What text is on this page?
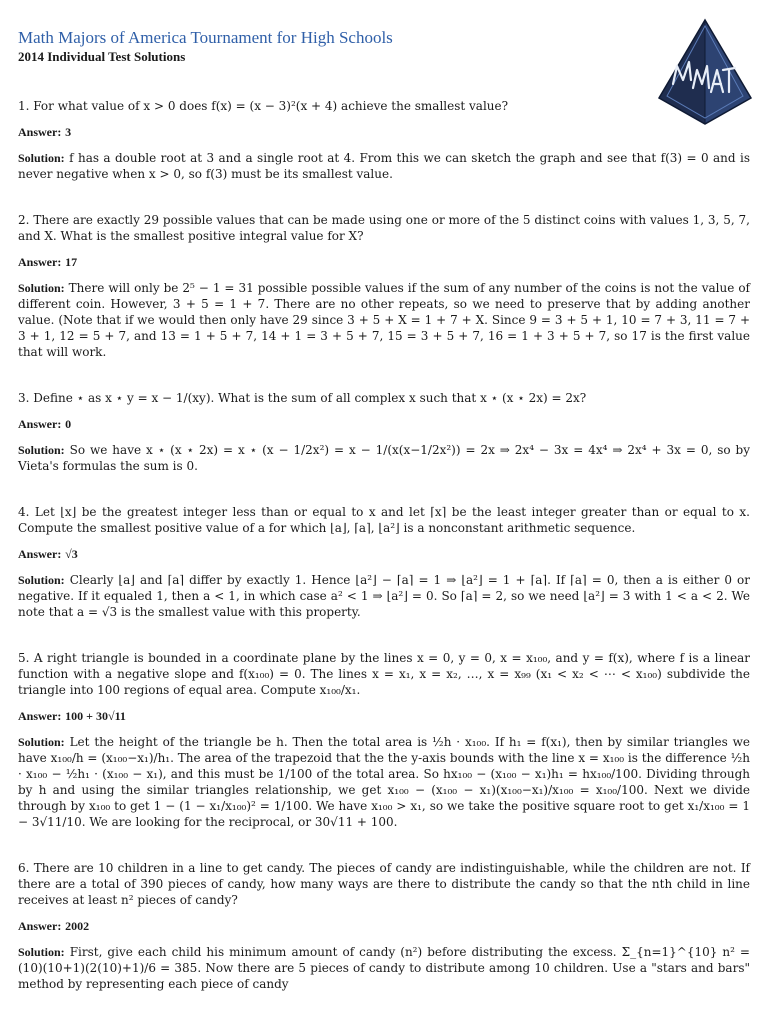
Math Majors of America Tournament for High Schools
2014 Individual Test Solutions

1. For what value of x > 0 does f(x) = (x − 3)²(x + 4) achieve the smallest value?

Answer: 3

Solution: f has a double root at 3 and a single root at 4. From this we can sketch the graph and see that f(3) = 0 and is never negative when x > 0, so f(3) must be its smallest value.

2. There are exactly 29 possible values that can be made using one or more of the 5 distinct coins with values 1, 3, 5, 7, and X. What is the smallest positive integral value for X?

Answer: 17

Solution: There will only be 2⁵ − 1 = 31 possible possible values if the sum of any number of the coins is not the value of different coin. However, 3 + 5 = 1 + 7. There are no other repeats, so we need to preserve that by adding another value. (Note that if we would then only have 29 since 3 + 5 + X = 1 + 7 + X. Since 9 = 3 + 5 + 1, 10 = 7 + 3, 11 = 7 + 3 + 1, 12 = 5 + 7, and 13 = 1 + 5 + 7, 14 + 1 = 3 + 5 + 7, 15 = 3 + 5 + 7, 16 = 1 + 3 + 5 + 7, so 17 is the first value that will work.

3. Define ⋆ as x ⋆ y = x − 1/(xy). What is the sum of all complex x such that x ⋆ (x ⋆ 2x) = 2x?

Answer: 0

Solution: So we have x ⋆ (x ⋆ 2x) = x ⋆ (x − 1/2x²) = x − 1/(x(x−1/2x²)) = 2x ⇒ 2x⁴ − 3x = 4x⁴ ⇒ 2x⁴ + 3x = 0, so by Vieta's formulas the sum is 0.

4. Let ⌊x⌋ be the greatest integer less than or equal to x and let ⌈x⌉ be the least integer greater than or equal to x. Compute the smallest positive value of a for which ⌊a⌋, ⌈a⌉, ⌊a²⌋ is a nonconstant arithmetic sequence.

Answer: √3

Solution: Clearly ⌊a⌋ and ⌈a⌉ differ by exactly 1. Hence ⌊a²⌋ − ⌈a⌉ = 1 ⇒ ⌊a²⌋ = 1 + ⌈a⌉. If ⌈a⌉ = 0, then a is either 0 or negative. If it equaled 1, then a < 1, in which case a² < 1 ⇒ ⌊a²⌋ = 0. So ⌈a⌉ = 2, so we need ⌊a²⌋ = 3 with 1 < a < 2. We note that a = √3 is the smallest value with this property.

5. A right triangle is bounded in a coordinate plane by the lines x = 0, y = 0, x = x₁₀₀, and y = f(x), where f is a linear function with a negative slope and f(x₁₀₀) = 0. The lines x = x₁, x = x₂, …, x = x₉₉ (x₁ < x₂ < ⋯ < x₁₀₀) subdivide the triangle into 100 regions of equal area. Compute x₁₀₀/x₁.

Answer: 100 + 30√11

Solution: Let the height of the triangle be h. Then the total area is ½h · x₁₀₀. If h₁ = f(x₁), then by similar triangles we have x₁₀₀/h = (x₁₀₀−x₁)/h₁. The area of the trapezoid that the the y-axis bounds with the line x = x₁₀₀ is the difference ½h · x₁₀₀ − ½h₁ · (x₁₀₀ − x₁), and this must be 1/100 of the total area. So hx₁₀₀ − (x₁₀₀ − x₁)h₁ = hx₁₀₀/100. Dividing through by h and using the similar triangles relationship, we get x₁₀₀ − (x₁₀₀ − x₁)(x₁₀₀−x₁)/x₁₀₀ = x₁₀₀/100. Next we divide through by x₁₀₀ to get 1 − (1 − x₁/x₁₀₀)² = 1/100. We have x₁₀₀ > x₁, so we take the positive square root to get x₁/x₁₀₀ = 1 − 3√11/10. We are looking for the reciprocal, or 30√11 + 100.

6. There are 10 children in a line to get candy. The pieces of candy are indistinguishable, while the children are not. If there are a total of 390 pieces of candy, how many ways are there to distribute the candy so that the nth child in line receives at least n² pieces of candy?

Answer: 2002

Solution: First, give each child his minimum amount of candy (n²) before distributing the excess. Σ_{n=1}^{10} n² = (10)(10+1)(2(10)+1)/6 = 385. Now there are 5 pieces of candy to distribute among 10 children. Use a "stars and bars" method by representing each piece of candy
